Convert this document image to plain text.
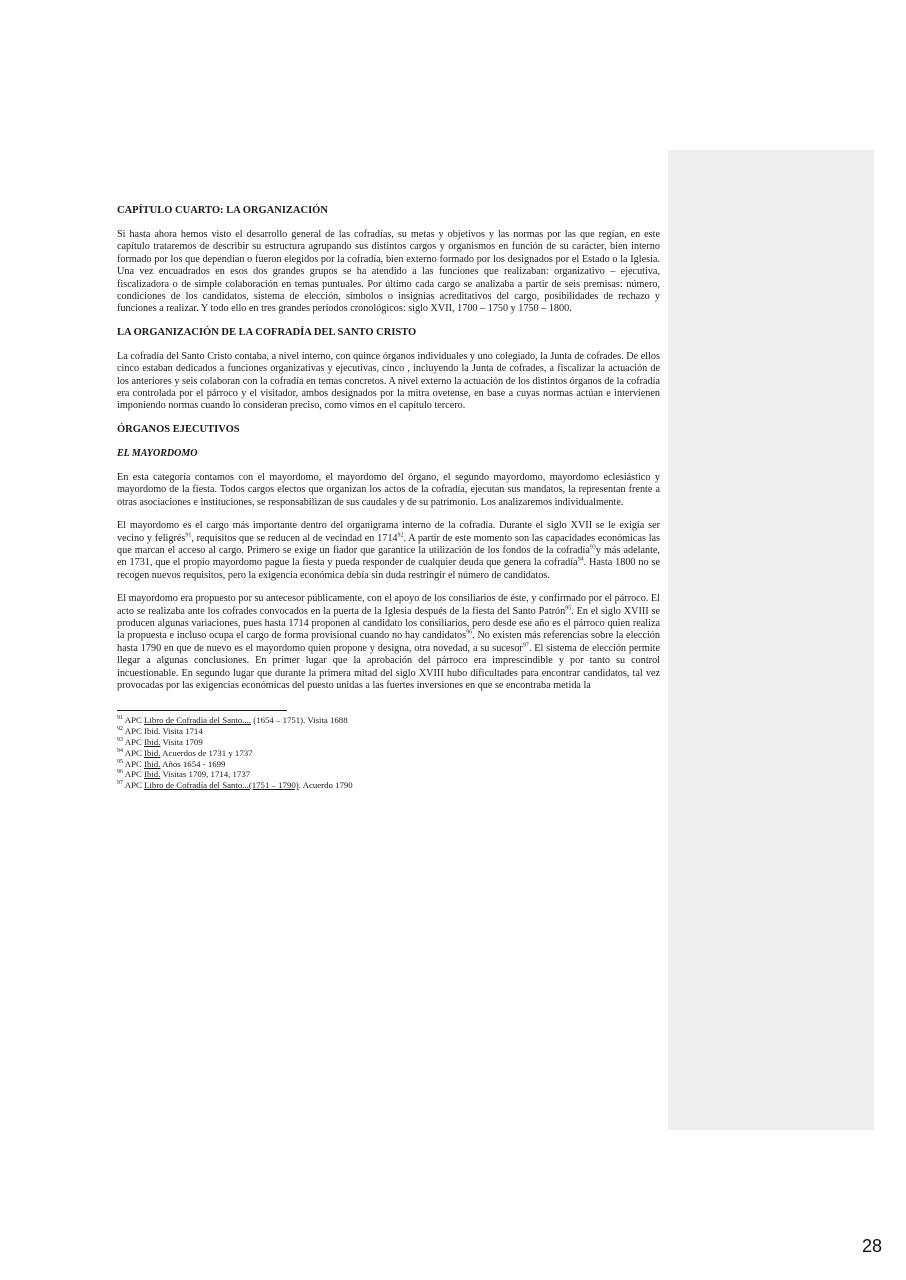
CAPÍTULO CUARTO: LA ORGANIZACIÓN

Si hasta ahora hemos visto el desarrollo general de las cofradías, su metas y objetivos y las normas por las que regían, en este capítulo trataremos de describir su estructura agrupando sus distintos cargos y organismos en función de su carácter, bien interno formado por los que dependían o fueron elegidos por la cofradía, bien externo formado por los designados por el Estado o la Iglesia. Una vez encuadrados en esos dos grandes grupos se ha atendido a las funciones que realizaban: organizativo – ejecutiva, fiscalizadora o de simple colaboración en temas puntuales. Por último cada cargo se analizaba a partir de seis premisas: número, condiciones de los candidatos, sistema de elección, símbolos o insignias acreditativos del cargo, posibilidades de rechazo y funciones a realizar. Y todo ello en tres grandes períodos cronológicos: siglo XVII, 1700 – 1750 y 1750 – 1800.

LA ORGANIZACIÓN DE LA COFRADÍA DEL SANTO CRISTO

La cofradía del Santo Cristo contaba, a nivel interno, con quince órganos individuales y uno colegiado, la Junta de cofrades. De ellos cinco estaban dedicados a funciones organizativas y ejecutivas, cinco , incluyendo la Junta de cofrades, a fiscalizar la actuación de los anteriores y seis colaboran con la cofradía en temas concretos. A nivel externo la actuación de los distintos órganos de la cofradía era controlada por el párroco y el visitador, ambos designados por la mitra ovetense, en base a cuyas normas actúan e intervienen imponiendo normas cuando lo consideran preciso, como vimos en el capítulo tercero.

ÓRGANOS EJECUTIVOS
EL MAYORDOMO

En esta categoría contamos con el mayordomo, el mayordomo del órgano, el segundo mayordomo, mayordomo eclesiástico y mayordomo de la fiesta. Todos cargos electos que organizan los actos de la cofradía, ejecutan sus mandatos, la representan frente a otras asociaciones e instituciones, se responsabilizan de sus caudales y de su patrimonio. Los analizaremos individualmente.

El mayordomo es el cargo más importante dentro del organigrama interno de la cofradía. Durante el siglo XVII se le exigía ser vecino y feligrés$^{91}$, requisitos que se reducen al de vecindad en 1714$^{92}$. A partir de este momento son las capacidades económicas las que marcan el acceso al cargo. Primero se exige un fiador que garantice la utilización de los fondos de la cofradía$^{93}$y más adelante, en 1731, que el propio mayordomo pague la fiesta y pueda responder de cualquier deuda que genera la cofradía$^{94}$. Hasta 1800 no se recogen nuevos requisitos, pero la exigencia económica debía sin duda restringir el número de candidatos.

El mayordomo era propuesto por su antecesor públicamente, con el apoyo de los consiliarios de éste, y confirmado por el párroco. El acto se realizaba ante los cofrades convocados en la puerta de la Iglesia después de la fiesta del Santo Patrón$^{95}$. En el siglo XVIII se producen algunas variaciones, pues hasta 1714 proponen al candidato los consiliarios, pero desde ese año es el párroco quien realiza la propuesta e incluso ocupa el cargo de forma provisional cuando no hay candidatos$^{96}$. No existen más referencias sobre la elección hasta 1790 en que de nuevo es el mayordomo quien propone y designa, otra novedad, a su sucesor$^{97}$. El sistema de elección permite llegar a algunas conclusiones. En primer lugar que la aprobación del párroco era imprescindible y por tanto su control incuestionable. En segundo lugar que durante la primera mitad del siglo XVIII hubo dificultades para encontrar candidatos, tal vez provocadas por las exigencias económicas del puesto unidas a las fuertes inversiones en que se encontraba metida la

$^{91}$ APC Libro de Cofradía del Santo.... (1654 – 1751). Visita 1688

$^{92}$ APC Ibid. Visita 1714

$^{93}$ APC Ibid. Visita 1709

$^{94}$ APC Ibid. Acuerdos de 1731 y 1737

$^{95}$ APC Ibid. Años 1654 - 1699

$^{96}$ APC Ibid. Visitas 1709, 1714, 1737

$^{97}$ APC Libro de Cofradía del Santo...(1751 – 1790). Acuerdo 1790

28
